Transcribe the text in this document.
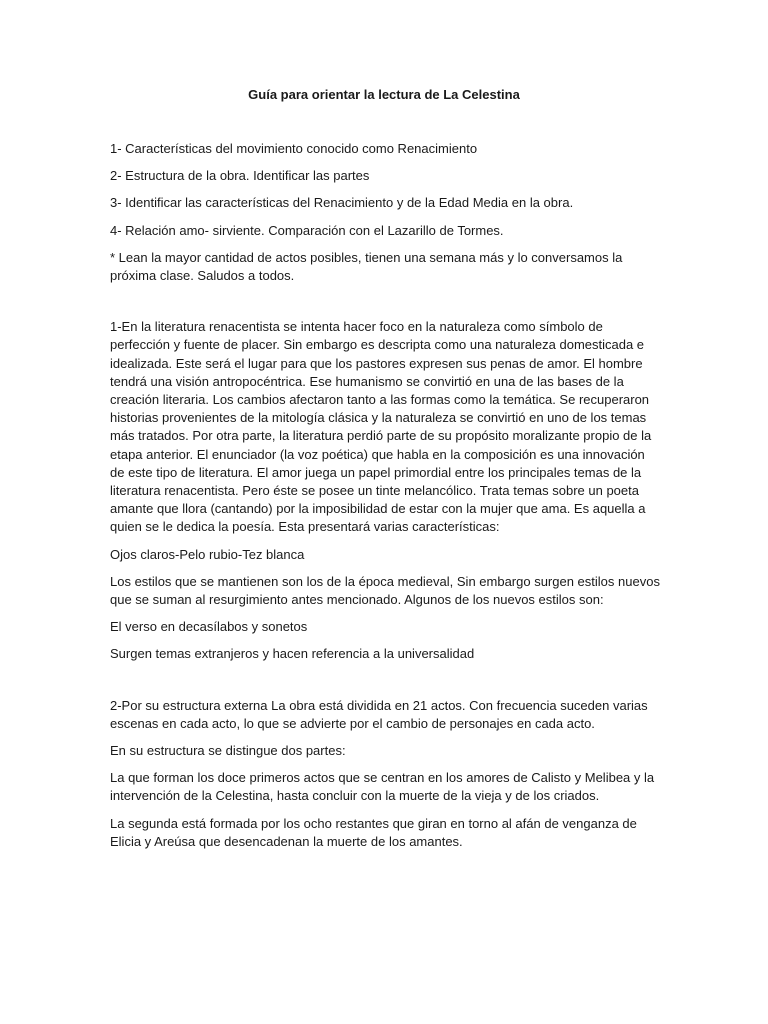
Guía para orientar la lectura de La Celestina

1- Características del movimiento conocido como Renacimiento

2- Estructura de la obra. Identificar las partes

3- Identificar las características del Renacimiento y de la Edad Media en la obra.

4- Relación amo- sirviente. Comparación con el Lazarillo de Tormes.

* Lean la mayor cantidad de actos posibles, tienen una semana más y lo conversamos la próxima clase. Saludos a todos.

1-En la literatura renacentista se intenta hacer foco en la naturaleza como símbolo de perfección y fuente de placer. Sin embargo es descripta como una naturaleza domesticada e idealizada. Este será el lugar para que los pastores expresen sus penas de amor. El hombre tendrá una visión antropocéntrica. Ese humanismo se convirtió en una de las bases de la creación literaria. Los cambios afectaron tanto a las formas como la temática. Se recuperaron historias provenientes de la mitología clásica y la naturaleza se convirtió en uno de los temas más tratados. Por otra parte, la literatura perdió parte de su propósito moralizante propio de la etapa anterior. El enunciador (la voz poética) que habla en la composición es una innovación de este tipo de literatura. El amor juega un papel primordial entre los principales temas de la literatura renacentista. Pero éste se posee un tinte melancólico. Trata temas sobre un poeta amante que llora (cantando) por la imposibilidad de estar con la mujer que ama. Es aquella a quien se le dedica la poesía. Esta presentará varias características:

Ojos claros-Pelo rubio-Tez blanca

Los estilos que se mantienen son los de la época medieval, Sin embargo surgen estilos nuevos que se suman al resurgimiento antes mencionado. Algunos de los nuevos estilos son:

El verso en decasílabos y sonetos

Surgen temas extranjeros y hacen referencia a la universalidad

2-Por su estructura externa La obra está dividida en 21 actos. Con frecuencia suceden varias escenas en cada acto, lo que se advierte por el cambio de personajes en cada acto.

En su estructura se distingue dos partes:

La que forman los doce primeros actos que se centran en los amores de Calisto y Melibea y la intervención de la Celestina, hasta concluir con la muerte de la vieja y de los criados.

La segunda está formada por los ocho restantes que giran en torno al afán de venganza de Elicia y Areúsa que desencadenan la muerte de los amantes.
